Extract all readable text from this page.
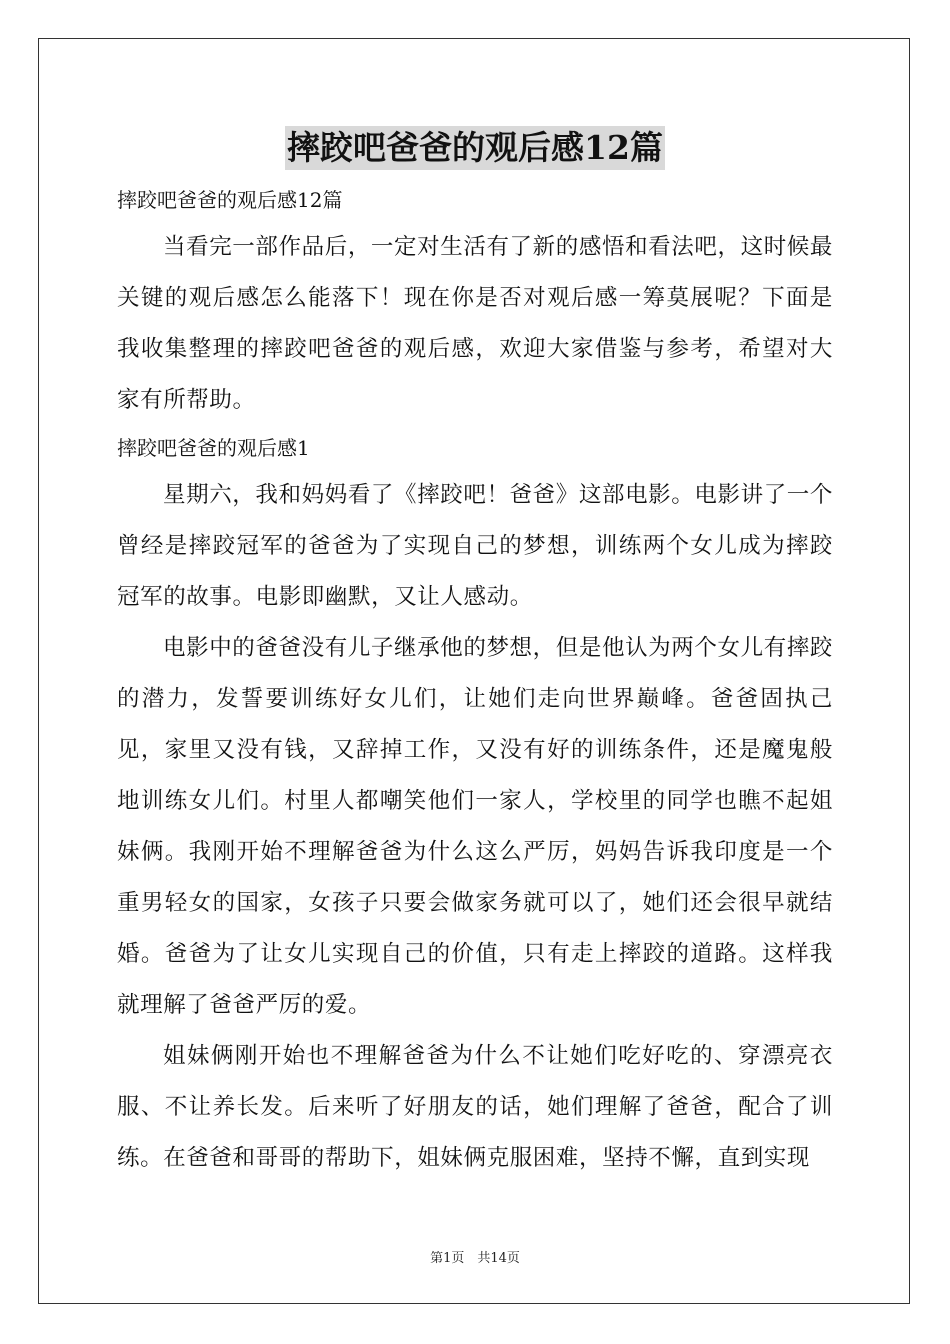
摔跤吧爸爸的观后感12篇

摔跤吧爸爸的观后感12篇

当看完一部作品后，一定对生活有了新的感悟和看法吧，这时候最关键的观后感怎么能落下！现在你是否对观后感一筹莫展呢？下面是我收集整理的摔跤吧爸爸的观后感，欢迎大家借鉴与参考，希望对大家有所帮助。

摔跤吧爸爸的观后感1

星期六，我和妈妈看了《摔跤吧！爸爸》这部电影。电影讲了一个曾经是摔跤冠军的爸爸为了实现自己的梦想，训练两个女儿成为摔跤冠军的故事。电影即幽默，又让人感动。

电影中的爸爸没有儿子继承他的梦想，但是他认为两个女儿有摔跤的潜力，发誓要训练好女儿们，让她们走向世界巅峰。爸爸固执己见，家里又没有钱，又辞掉工作，又没有好的训练条件，还是魔鬼般地训练女儿们。村里人都嘲笑他们一家人，学校里的同学也瞧不起姐妹俩。我刚开始不理解爸爸为什么这么严厉，妈妈告诉我印度是一个重男轻女的国家，女孩子只要会做家务就可以了，她们还会很早就结婚。爸爸为了让女儿实现自己的价值，只有走上摔跤的道路。这样我就理解了爸爸严厉的爱。

姐妹俩刚开始也不理解爸爸为什么不让她们吃好吃的、穿漂亮衣服、不让养长发。后来听了好朋友的话，她们理解了爸爸，配合了训练。在爸爸和哥哥的帮助下，姐妹俩克服困难，坚持不懈，直到实现

第1页　共14页
